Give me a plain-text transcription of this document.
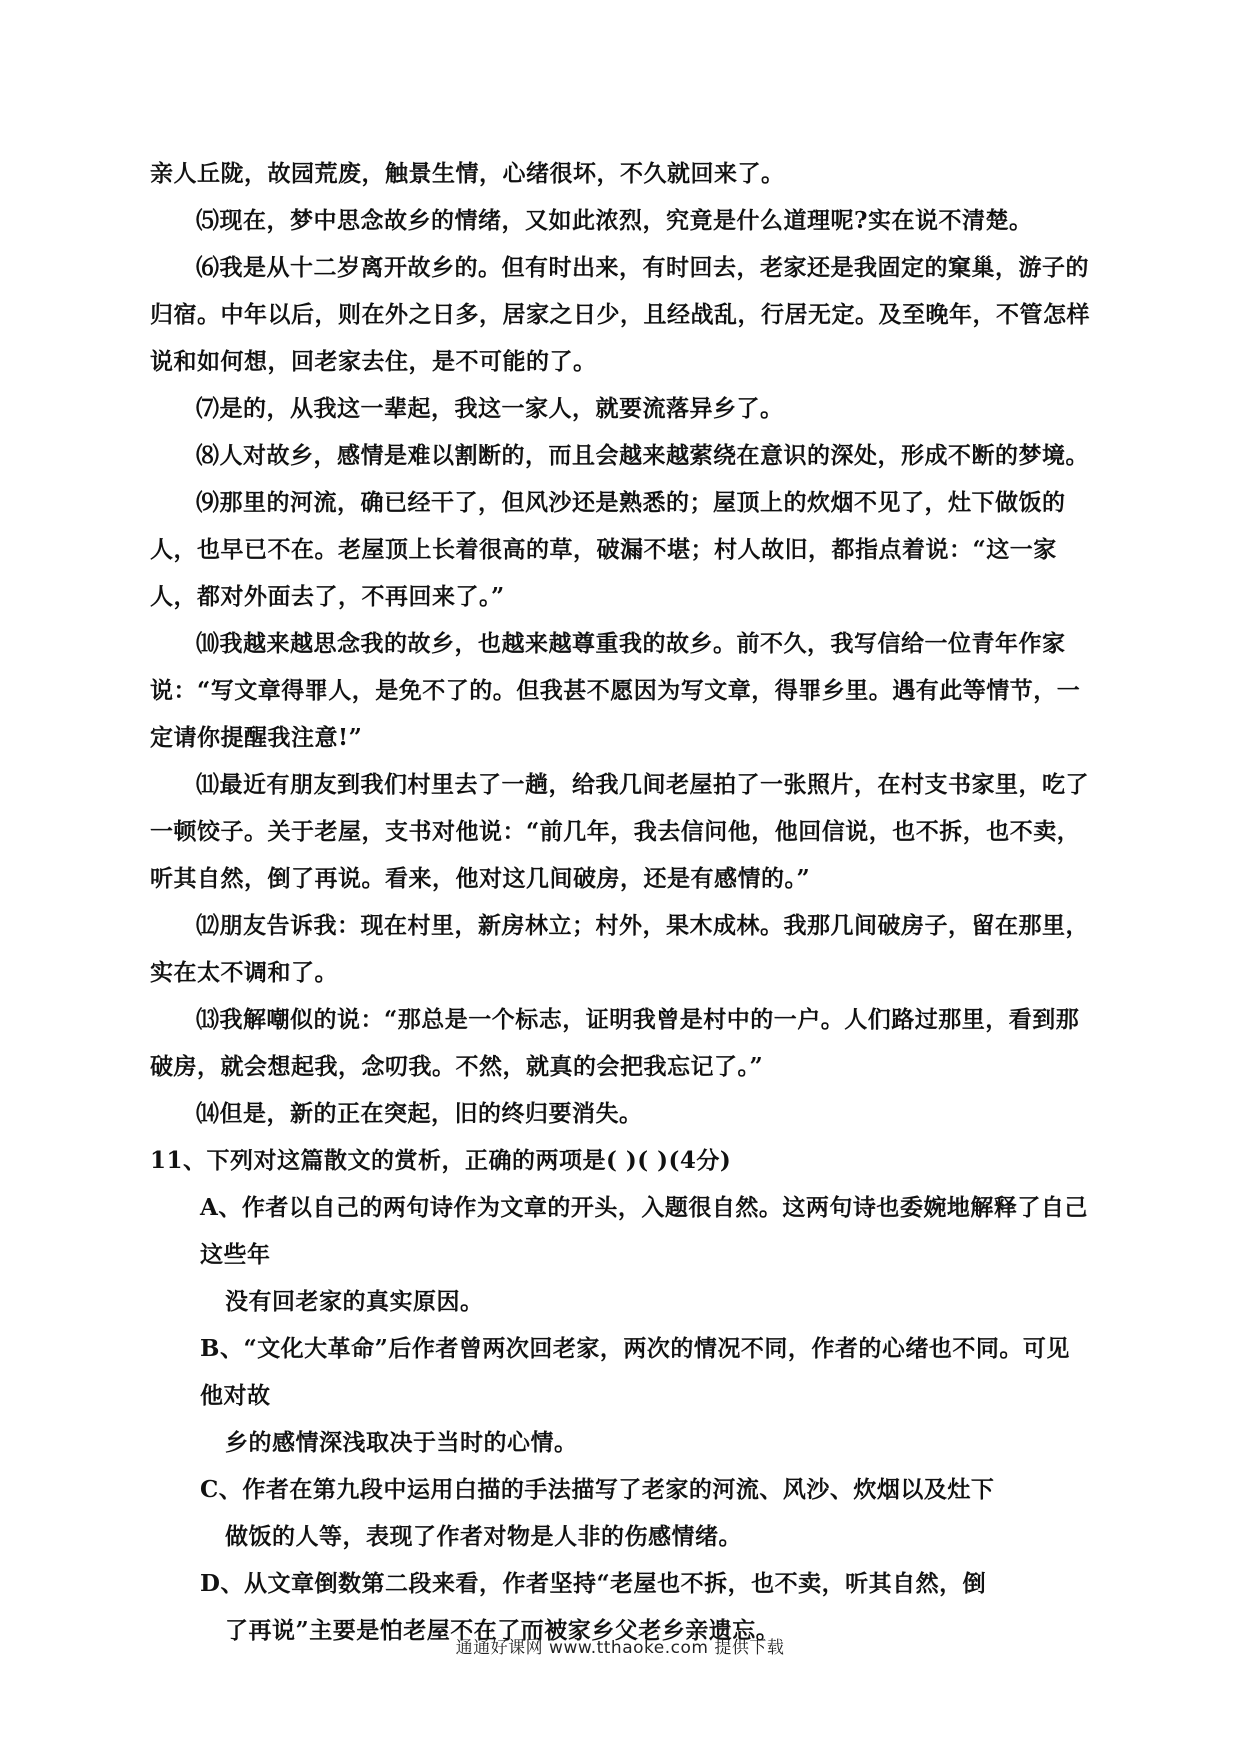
亲人丘陇，故园荒废，触景生情，心绪很坏，不久就回来了。

⑸现在，梦中思念故乡的情绪，又如此浓烈，究竟是什么道理呢?实在说不清楚。

⑹我是从十二岁离开故乡的。但有时出来，有时回去，老家还是我固定的窠巢，游子的归宿。中年以后，则在外之日多，居家之日少，且经战乱，行居无定。及至晚年，不管怎样说和如何想，回老家去住，是不可能的了。

⑺是的，从我这一辈起，我这一家人，就要流落异乡了。

⑻人对故乡，感情是难以割断的，而且会越来越萦绕在意识的深处，形成不断的梦境。

⑼那里的河流，确已经干了，但风沙还是熟悉的；屋顶上的炊烟不见了，灶下做饭的人，也早已不在。老屋顶上长着很高的草，破漏不堪；村人故旧，都指点着说：“这一家人，都对外面去了，不再回来了。”

⑽我越来越思念我的故乡，也越来越尊重我的故乡。前不久，我写信给一位青年作家说：“写文章得罪人，是免不了的。但我甚不愿因为写文章，得罪乡里。遇有此等情节，一定请你提醒我注意!”

⑾最近有朋友到我们村里去了一趟，给我几间老屋拍了一张照片，在村支书家里，吃了一顿饺子。关于老屋，支书对他说：“前几年，我去信问他，他回信说，也不拆，也不卖，听其自然，倒了再说。看来，他对这几间破房，还是有感情的。”

⑿朋友告诉我：现在村里，新房林立；村外，果木成林。我那几间破房子，留在那里，实在太不调和了。

⒀我解嘲似的说：“那总是一个标志，证明我曾是村中的一户。人们路过那里，看到那破房，就会想起我，念叨我。不然，就真的会把我忘记了。”

⒁但是，新的正在突起，旧的终归要消失。

11、下列对这篇散文的赏析，正确的两项是( )( )(4分)

A、作者以自己的两句诗作为文章的开头，入题很自然。这两句诗也委婉地解释了自己这些年
没有回老家的真实原因。

B、“文化大革命”后作者曾两次回老家，两次的情况不同，作者的心绪也不同。可见他对故
乡的感情深浅取决于当时的心情。

C、作者在第九段中运用白描的手法描写了老家的河流、风沙、炊烟以及灶下
做饭的人等，表现了作者对物是人非的伤感情绪。

D、从文章倒数第二段来看，作者坚持“老屋也不拆，也不卖，听其自然，倒
了再说”主要是怕老屋不在了而被家乡父老乡亲遗忘。

通通好课网 www.tthaoke.com 提供下载
